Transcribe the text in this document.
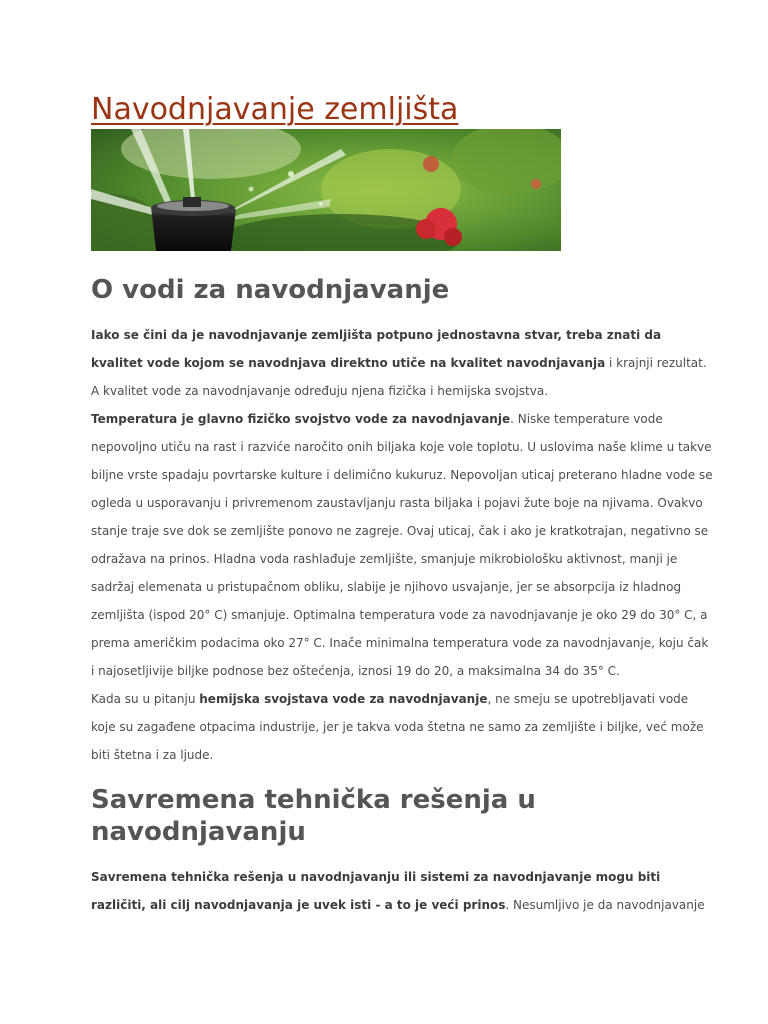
Navodnjavanje zemljišta
O vodi za navodnjavanje

Iako se čini da je navodnjavanje zemljišta potpuno jednostavna stvar, treba znati da
kvalitet vode kojom se navodnjava direktno utiče na kvalitet navodnjavanja i krajnji rezultat.
A kvalitet vode za navodnjavanje određuju njena fizička i hemijska svojstva.

Temperatura je glavno fizičko svojstvo vode za navodnjavanje. Niske temperature vode
nepovoljno utiču na rast i razviće naročito onih biljaka koje vole toplotu. U uslovima naše klime u takve
biljne vrste spadaju povrtarske kulture i delimično kukuruz. Nepovoljan uticaj preterano hladne vode se
ogleda u usporavanju i privremenom zaustavljanju rasta biljaka i pojavi žute boje na njivama. Ovakvo
stanje traje sve dok se zemljište ponovo ne zagreje. Ovaj uticaj, čak i ako je kratkotrajan, negativno se
odražava na prinos. Hladna voda rashlađuje zemljište, smanjuje mikrobiološku aktivnost, manji je
sadržaj elemenata u pristupačnom obliku, slabije je njihovo usvajanje, jer se absorpcija iz hladnog
zemljišta (ispod 20° C) smanjuje. Optimalna temperatura vode za navodnjavanje je oko 29 do 30° C, a
prema američkim podacima oko 27° C. Inače minimalna temperatura vode za navodnjavanje, koju čak
i najosetljivije biljke podnose bez oštećenja, iznosi 19 do 20, a maksimalna 34 do 35° C.

Kada su u pitanju hemijska svojstava vode za navodnjavanje, ne smeju se upotrebljavati vode
koje su zagađene otpacima industrije, jer je takva voda štetna ne samo za zemljište i biljke, već može
biti štetna i za ljude.

Savremena tehnička rešenja u navodnjavanju

Savremena tehnička rešenja u navodnjavanju ili sistemi za navodnjavanje mogu biti
različiti, ali cilj navodnjavanja je uvek isti - a to je veći prinos. Nesumljivo je da navodnjavanje
